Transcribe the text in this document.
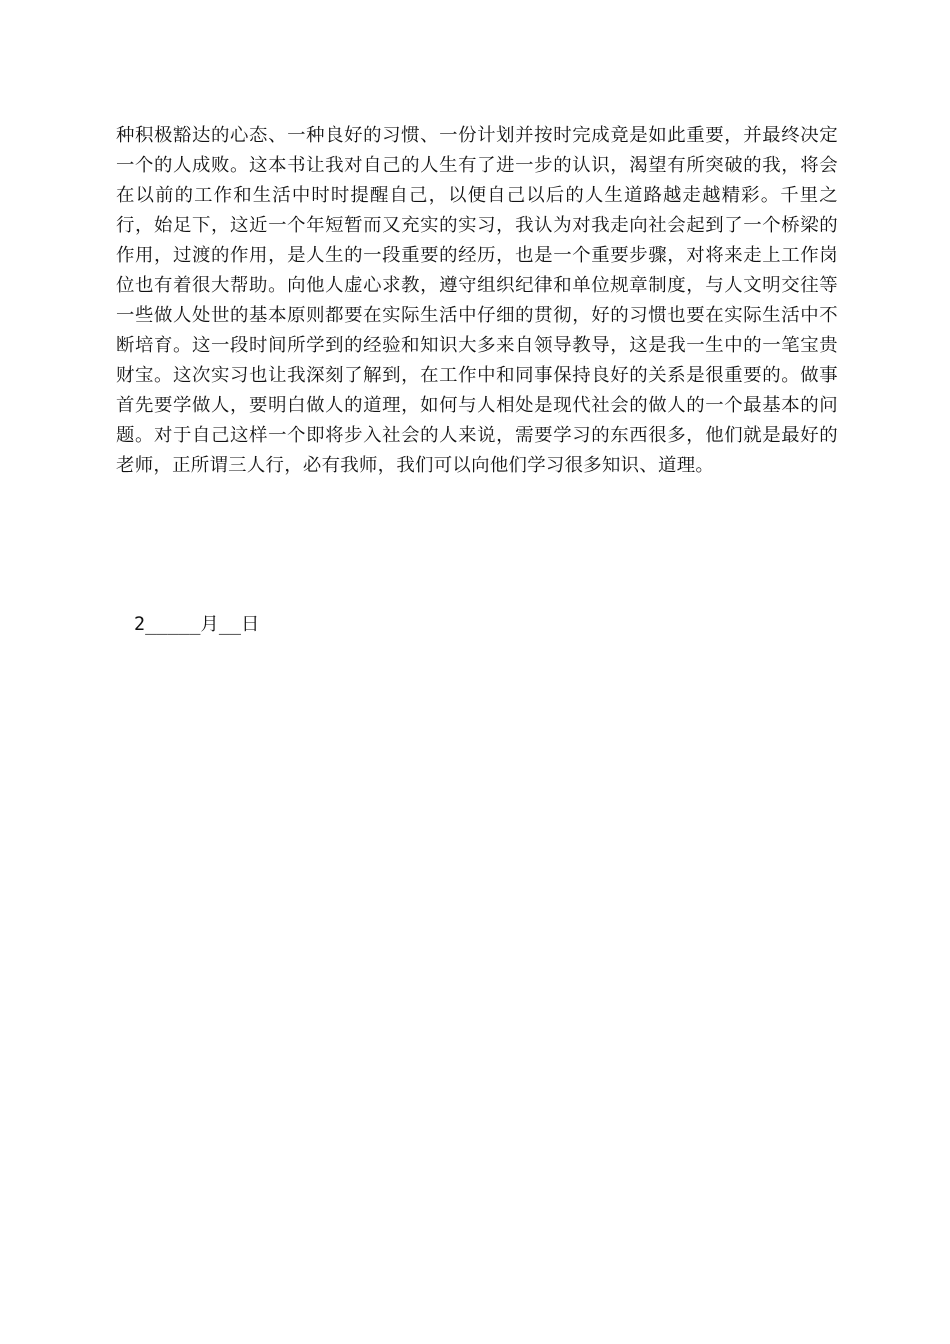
种积极豁达的心态、一种良好的习惯、一份计划并按时完成竟是如此重要，并最终决定一个的人成败。这本书让我对自己的人生有了进一步的认识，渴望有所突破的我，将会在以前的工作和生活中时时提醒自己，以便自己以后的人生道路越走越精彩。千里之行，始足下，这近一个年短暂而又充实的实习，我认为对我走向社会起到了一个桥梁的作用，过渡的作用，是人生的一段重要的经历，也是一个重要步骤，对将来走上工作岗位也有着很大帮助。向他人虚心求教，遵守组织纪律和单位规章制度，与人文明交往等一些做人处世的基本原则都要在实际生活中仔细的贯彻，好的习惯也要在实际生活中不断培育。这一段时间所学到的经验和知识大多来自领导教导，这是我一生中的一笔宝贵财宝。这次实习也让我深刻了解到，在工作中和同事保持良好的关系是很重要的。做事首先要学做人，要明白做人的道理，如何与人相处是现代社会的做人的一个最基本的问题。对于自己这样一个即将步入社会的人来说，需要学习的东西很多，他们就是最好的老师，正所谓三人行，必有我师，我们可以向他们学习很多知识、道理。

2_____月__日
